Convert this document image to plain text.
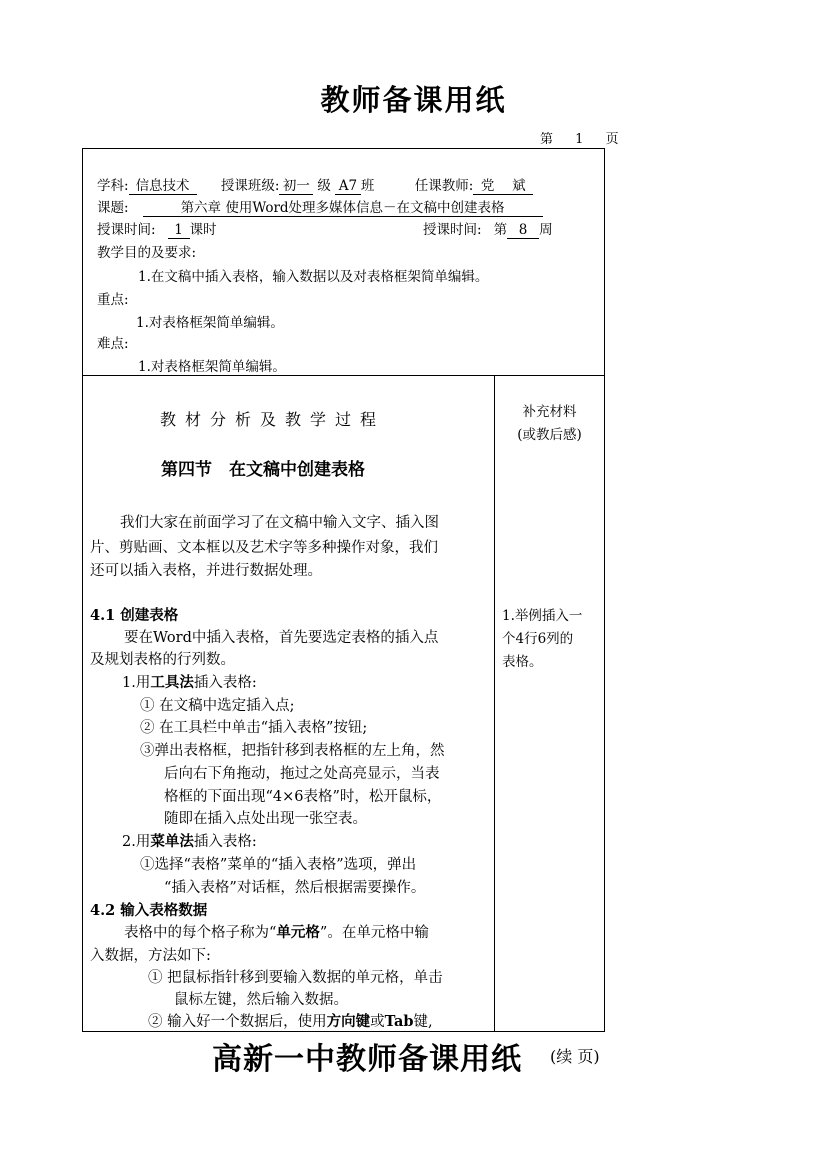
教师备课用纸
第 1 页
学科: 信息技术 授课班级: 初一 级 A7 班	任课教师: 党　 斌
课题:	第六章 使用Word处理多媒体信息－在文稿中创建表格
授课时间: 1 课时	授课时间: 第 8 周
教学目的及要求:
1.在文稿中插入表格，输入数据以及对表格框架简单编辑。
重点:
1.对表格框架简单编辑。
难点:
1.对表格框架简单编辑。
教材分析及教学过程
第四节　在文稿中创建表格
我们大家在前面学习了在文稿中输入文字、插入图
片、剪贴画、文本框以及艺术字等多种操作对象，我们
还可以插入表格，并进行数据处理。
4.1 创建表格
要在Word中插入表格，首先要选定表格的插入点
及规划表格的行列数。
1.用工具法插入表格:
① 在文稿中选定插入点;
② 在工具栏中单击“插入表格”按钮;
③弹出表格框，把指针移到表格框的左上角，然
后向右下角拖动，拖过之处高亮显示，当表
格框的下面出现“4×6表格”时，松开鼠标，
随即在插入点处出现一张空表。
2.用菜单法插入表格:
①选择“表格”菜单的“插入表格”选项，弹出
“插入表格”对话框，然后根据需要操作。
4.2 输入表格数据
表格中的每个格子称为“单元格”。在单元格中输
入数据，方法如下:
① 把鼠标指针移到要输入数据的单元格，单击
鼠标左键，然后输入数据。
② 输入好一个数据后，使用方向键或Tab键,
补充材料
(或教后感)
1.举例插入一
个4行6列的
表格。
高新一中教师备课用纸 (续 页)
